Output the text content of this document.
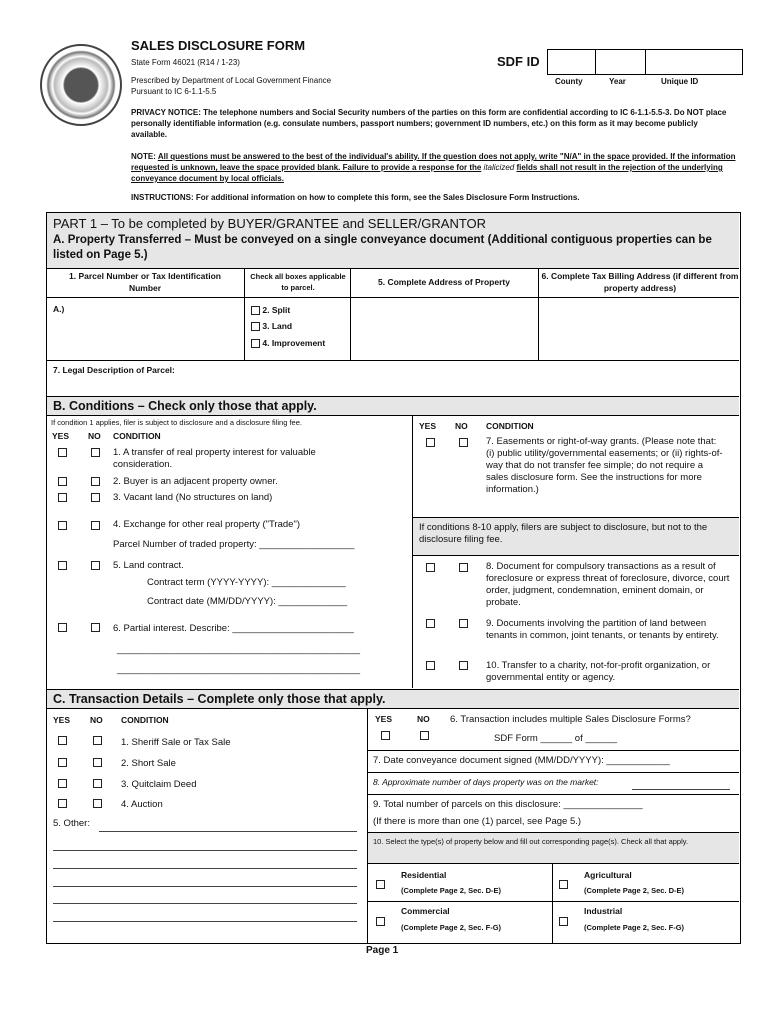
SALES DISCLOSURE FORM
State Form 46021 (R14 / 1-23)
Prescribed by Department of Local Government Finance
Pursuant to IC 6-1.1-5.5
SDF ID
County	Year	Unique ID
PRIVACY NOTICE: The telephone numbers and Social Security numbers of the parties on this form are confidential according to IC 6-1.1-5.5-3. Do NOT place personally identifiable information (e.g. consulate numbers, passport numbers; government ID numbers, etc.) on this form as it may become publicly available.
NOTE: All questions must be answered to the best of the individual's ability. If the question does not apply, write "N/A" in the space provided. If the information requested is unknown, leave the space provided blank. Failure to provide a response for the italicized fields shall not result in the rejection of the underlying conveyance document by local officials.
INSTRUCTIONS: For additional information on how to complete this form, see the Sales Disclosure Form Instructions.
PART 1 – To be completed by BUYER/GRANTEE and SELLER/GRANTOR
A. Property Transferred – Must be conveyed on a single conveyance document (Additional contiguous properties can be listed on Page 5.)
1. Parcel Number or Tax Identification Number
Check all boxes applicable to parcel.
5. Complete Address of Property
6. Complete Tax Billing Address (if different from property address)
A.)	2. Split
3. Land
4. Improvement
7. Legal Description of Parcel:
B. Conditions – Check only those that apply.
If condition 1 applies, filer is subject to disclosure and a disclosure filing fee.
YES NO CONDITION
1. A transfer of real property interest for valuable consideration.
2. Buyer is an adjacent property owner.
3. Vacant land (No structures on land)
4. Exchange for other real property ("Trade")
Parcel Number of traded property: __________________
5. Land contract.
Contract term (YYYY-YYYY): ______________
Contract date (MM/DD/YYYY): _____________
6. Partial interest. Describe: _______________________
______________________________________________
______________________________________________
YES NO CONDITION
7. Easements or right-of-way grants. (Please note that: (i) public utility/governmental easements; or (ii) rights-of-way that do not transfer fee simple; do not require a sales disclosure form. See the instructions for more information.)
If conditions 8-10 apply, filers are subject to disclosure, but not to the disclosure filing fee.
8. Document for compulsory transactions as a result of foreclosure or express threat of foreclosure, divorce, court order, judgment, condemnation, eminent domain, or probate.
9. Documents involving the partition of land between tenants in common, joint tenants, or tenants by entirety.
10. Transfer to a charity, not-for-profit organization, or governmental entity or agency.
C. Transaction Details – Complete only those that apply.
YES NO CONDITION
1. Sheriff Sale or Tax Sale
2. Short Sale
3. Quitclaim Deed
4. Auction
5. Other:
YES	NO 6. Transaction includes multiple Sales Disclosure Forms?
SDF Form ______ of ______
7. Date conveyance document signed (MM/DD/YYYY): ____________
8. Approximate number of days property was on the market:
9. Total number of parcels on this disclosure: _______________
(If there is more than one (1) parcel, see Page 5.)
10. Select the type(s) of property below and fill out corresponding page(s). Check all that apply.
Residential
(Complete Page 2, Sec. D-E)
Agricultural
(Complete Page 2, Sec. D-E)
Commercial
(Complete Page 2, Sec. F-G)
Industrial
(Complete Page 2, Sec. F-G)
Page 1
